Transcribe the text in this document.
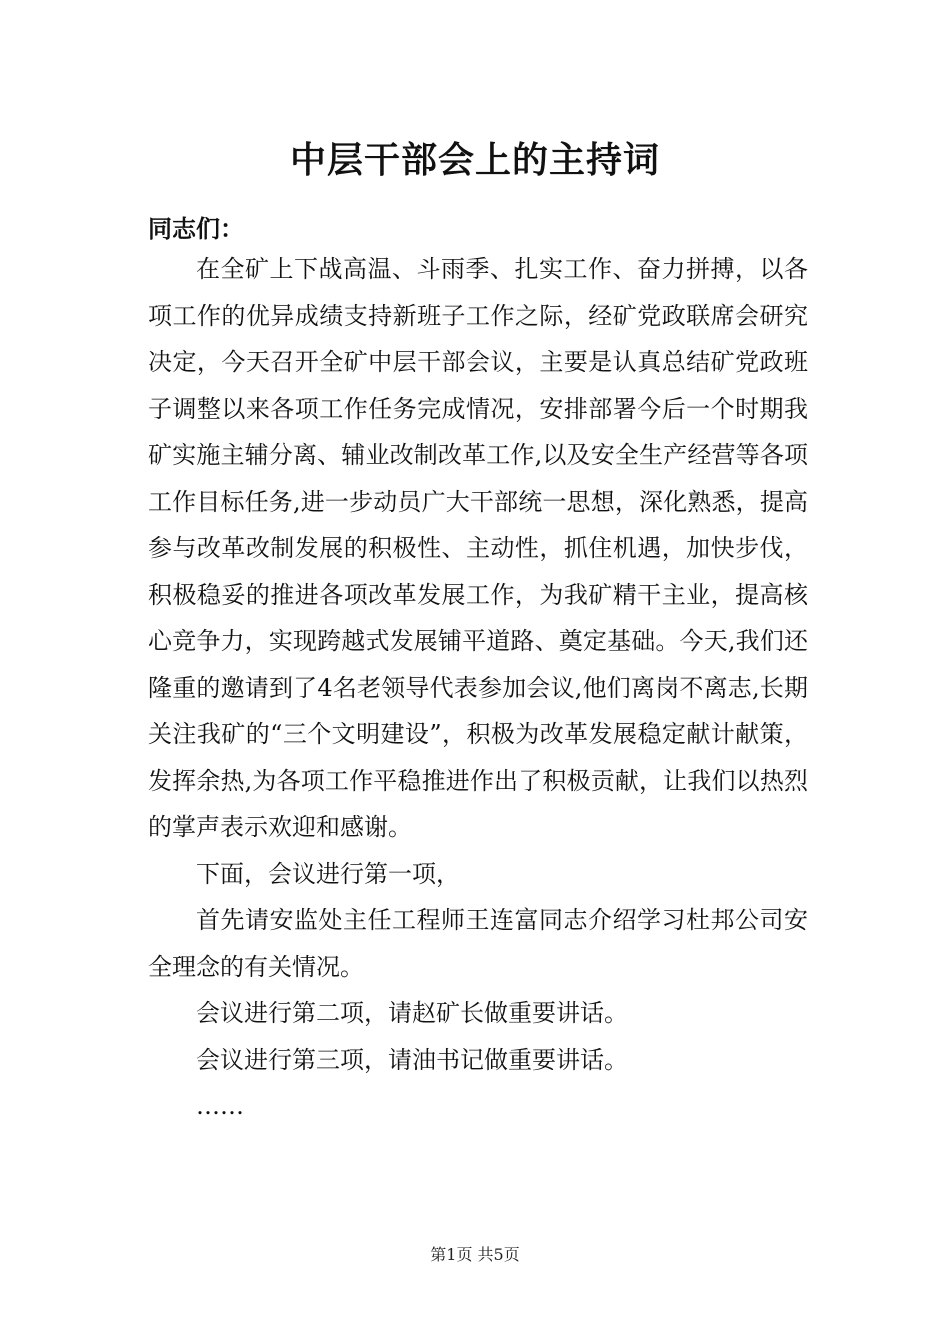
中层干部会上的主持词
同志们：

在全矿上下战高温、斗雨季、扎实工作、奋力拼搏，以各项工作的优异成绩支持新班子工作之际，经矿党政联席会研究决定，今天召开全矿中层干部会议，主要是认真总结矿党政班子调整以来各项工作任务完成情况，安排部署今后一个时期我矿实施主辅分离、辅业改制改革工作,以及安全生产经营等各项工作目标任务,进一步动员广大干部统一思想，深化熟悉，提高参与改革改制发展的积极性、主动性，抓住机遇，加快步伐，积极稳妥的推进各项改革发展工作，为我矿精干主业，提高核心竞争力，实现跨越式发展铺平道路、奠定基础。今天,我们还隆重的邀请到了4名老领导代表参加会议,他们离岗不离志,长期关注我矿的“三个文明建设”，积极为改革发展稳定献计献策，发挥余热,为各项工作平稳推进作出了积极贡献，让我们以热烈的掌声表示欢迎和感谢。

下面，会议进行第一项，

首先请安监处主任工程师王连富同志介绍学习杜邦公司安全理念的有关情况。

会议进行第二项，请赵矿长做重要讲话。

会议进行第三项，请油书记做重要讲话。

……

第1页 共5页
